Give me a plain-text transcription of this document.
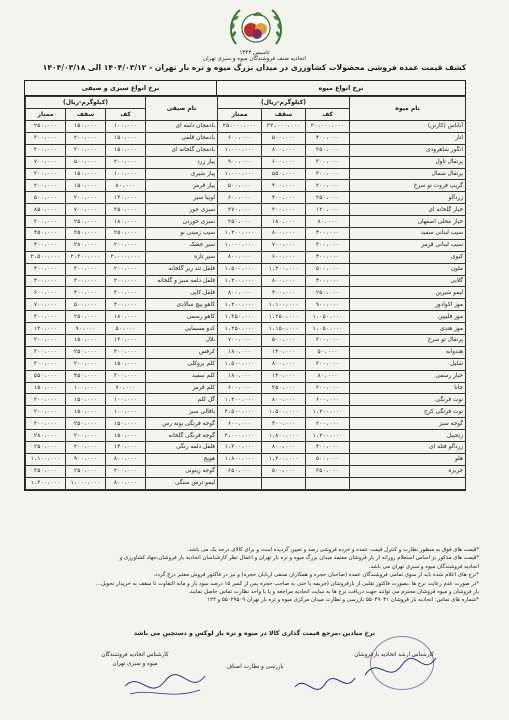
تاسیس ۱۳۴۳
اتحادیه صنف فروشندگان میوه و سبزی تهران
کشف قیمت عمده فروشی محصولات کشاورزی در میدان بزرگ میوه و تره بار تهران - ۱۴۰۴/۰۳/۱۲ الی ۱۴۰۴/۰۳/۱۸
نرخ انواع میوه
نرخ انواع سبزی و صیفی
(کیلوگرم-ریال)			نام صیفی	(کیلوگرم-ریال)			نام میوه
ممتاز	سقف	کف		ممتاز	سقف	کف	
۲۵۰،۰۰۰	۱۵۰،۰۰۰	۱۰۰،۰۰۰	بادمجان دلمه ای	۲۵،۰۰۰،۰۰۰	۲۲،۰۰۰،۰۰۰	۲۰،۰۰۰،۰۰۰	آناناس (کارتن)
۳۰۰،۰۰۰	۲۰۰،۰۰۰	۱۵۰،۰۰۰	بادمجان قلمی	۶۰۰،۰۰۰	۵۰۰،۰۰۰	۴۰۰،۰۰۰	انار
۳۰۰،۰۰۰	۲۰۰،۰۰۰	۱۵۰،۰۰۰	بادمجان گلخانه ای	۱،۰۰۰،۰۰۰	۸۰۰،۰۰۰	۳۵۰،۰۰۰	انگور شاهرودی
۷۰۰،۰۰۰	۵۰۰،۰۰۰	۲۰۰،۰۰۰	پیاز زرد	۹۰۰،۰۰۰	۶۰۰،۰۰۰	۳۰۰،۰۰۰	پرتقال تاول
۲۰۰،۰۰۰	۱۵۰،۰۰۰	۱۰۰،۰۰۰	پیاز شیری	۱،۰۰۰،۰۰۰	۵۵۰،۰۰۰	۳۰۰،۰۰۰	پرتقال شمال
۲۰۰،۰۰۰	۱۵۰،۰۰۰	۸۰،۰۰۰	پیاز قرمز	۵۰۰،۰۰۰	۴۰۰،۰۰۰	۲۰۰،۰۰۰	گریپ فروت تو سرخ
۵۰۰،۰۰۰	۲۰۰،۰۰۰	۱۲۰،۰۰۰	لوبیا سبز	۶۰۰،۰۰۰	۴۰۰،۰۰۰	۲۵۰،۰۰۰	زردآلو
۸۵۰،۰۰۰	۷۰۰،۰۰۰	۳۵۰،۰۰۰	سبزی جور	۲۷۰،۰۰۰	۲۰۰،۰۰۰	۱۲۰،۰۰۰	خیار گلخانه ای
۳۰۰،۰۰۰	۲۵۰،۰۰۰	۱۸۰،۰۰۰	سبزی خوردن	۲۵۰،۰۰۰	۱۸۰،۰۰۰	۸۰،۰۰۰	خیار محلی اصفهان
۴۵۰،۰۰۰	۳۵۰،۰۰۰	۲۵۰،۰۰۰	سیب زمینی نو	۱،۲۰۰،۰۰۰	۸۰۰،۰۰۰	۴۰۰،۰۰۰	سیب لبنانی سفید
۴۰۰،۰۰۰	۲۸۰،۰۰۰	۲۰۰،۰۰۰	سیر خشک	۱،۰۰۰،۰۰۰	۷۰۰،۰۰۰	۳۰۰،۰۰۰	سیب لبنانی قرمز
۲،۵۰۰،۰۰۰	۲،۳۰۰،۰۰۰	۲،۰۰۰،۰۰۰	سیر تازه	۸۰۰،۰۰۰	۶۰۰،۰۰۰	۴۰۰،۰۰۰	کیوی
۴۰۰،۰۰۰	۳۰۰،۰۰۰	۲۰۰،۰۰۰	فلفل تند ریز گلخانه	۱،۵۰۰،۰۰۰	۱،۲۰۰،۰۰۰	۵۰۰،۰۰۰	ملون
۴۰۰،۰۰۰	۳۰۰،۰۰۰	۲۰۰،۰۰۰	فلفل دلمه سبز و گلخانه	۱،۲۰۰،۰۰۰	۸۰۰،۰۰۰	۴۰۰،۰۰۰	گلابی
۶۰۰،۰۰۰	۴۰۰،۰۰۰	۳۰۰،۰۰۰	فلفل کاپی	۸۰۰،۰۰۰	۴۰۰،۰۰۰	۲۵۰،۰۰۰	لیمو شیرین
۷۰۰،۰۰۰	۵۰۰،۰۰۰	۴۰۰،۰۰۰	کاهو پیچ سالادی	۱،۲۰۰،۰۰۰	۱،۱۰۰،۰۰۰	۹۰۰،۰۰۰	موز اکوادور
۳۰۰،۰۰۰	۲۵۰،۰۰۰	۱۸۰،۰۰۰	کاهو رسمی	۱،۳۵۰،۰۰۰	۱،۲۵۰،۰۰۰	۱،۰۵۰،۰۰۰	موز فلیپین
۱۳۰،۰۰۰	۹۰،۰۰۰	۵۰،۰۰۰	کدو مسمایی	۱،۲۵۰،۰۰۰	۱،۱۵۰،۰۰۰	۱،۰۵۰،۰۰۰	موز هندی
۲۰۰،۰۰۰	۱۵۰،۰۰۰	۱۲۰،۰۰۰	بلال	۷۰۰،۰۰۰	۵۰۰،۰۰۰	۳۰۰،۰۰۰	پرتقال تو سرخ
۳۰۰،۰۰۰	۲۵۰،۰۰۰	۲۰۰،۰۰۰	کرفس	۱۸۰،۰۰۰	۱۲۰،۰۰۰	۵۰،۰۰۰	هندوانه
۳۰۰،۰۰۰	۲۰۰،۰۰۰	۱۵۰،۰۰۰	کلم بروکلی	۱،۵۰۰،۰۰۰	۸۰۰،۰۰۰	۳۰۰،۰۰۰	شلیل
۵۵۰،۰۰۰	۴۵۰،۰۰۰	۳۰۰،۰۰۰	کلم سفید	۱۸۰،۰۰۰	۱۲۰،۰۰۰	۸۰،۰۰۰	خیار رسمی
۱۵۰،۰۰۰	۱۰۰،۰۰۰	۷۰،۰۰۰	کلم قرمز	۶۰۰،۰۰۰	۳۵۰،۰۰۰	۲۰۰،۰۰۰	جانا
۲۰۰،۰۰۰	۱۵۰،۰۰۰	۱۰۰،۰۰۰	گل کلم	۱،۲۰۰،۰۰۰	۸۰۰،۰۰۰	۶۰۰،۰۰۰	توت فرنگی
۲۰۰،۰۰۰	۱۵۰،۰۰۰	۱۰۰،۰۰۰	باقالی سبز	۲،۵۰۰،۰۰۰	۱،۵۰۰،۰۰۰	۱،۲۰۰،۰۰۰	توت فرنگی کرج
۳۰۰،۰۰۰	۲۵۰،۰۰۰	۱۵۰،۰۰۰	گوجه فرنگی بوته رس	۶۰۰،۰۰۰	۴۰۰،۰۰۰	۲۰۰،۰۰۰	گوجه سبز
۲۸۰،۰۰۰	۲۰۰،۰۰۰	۱۵۰،۰۰۰	گوجه فرنگی گلخانه	۲،۰۰۰،۰۰۰	۱،۸۰۰،۰۰۰	۱،۲۰۰،۰۰۰	زنجبیل
۲۵۰،۰۰۰	۲۰۰،۰۰۰	۱۴۰،۰۰۰	فلفل دلمه رنگی	۱،۳۰۰،۰۰۰	۸۰۰،۰۰۰	۴۰۰،۰۰۰	زردآلو فتله ای
۱،۱۰۰،۰۰۰	۹۰۰،۰۰۰	۸۰۰،۰۰۰	هویج	۱،۸۰۰،۰۰۰	۱،۲۰۰،۰۰۰	۵۰۰،۰۰۰	هلو
۳۵۰،۰۰۰	۲۵۰،۰۰۰	۲۰۰،۰۰۰	گوجه زیتونی	۶۵۰،۰۰۰	۵۰۰،۰۰۰	۳۵۰،۰۰۰	خربزه
۱،۲۰۰،۰۰۰	۱،۰۰۰،۰۰۰	۸۰۰،۰۰۰	لیمو ترش سنگی				

*قیمت های فوق به منظور نظارت و کنترل قیمت عمده و خرده فروشی رصد و تعیین گردیده است و برای کالای درجه یک می باشد.

*قیمت های مذکور بر اساس استعلام روزانه از بار فروشان معتمد میدان بزرگ میوه و تره بار تهران و اعمال نظر کارشناسان اتحادیه بار فروشان،جهاد کشاورزی و

اتحادیه فروشندگان میوه و سبزی تهران می باشد.

*نرخ های اعلام شده باید از سوی تمامی فروشندگان عمده (صاحبان حجره و همکاران صنفی اربابان حجره) و نیز در فاکتور فروش معتبر درج گردد.

*در صورت عدم رعایت نرخ ها ،بصورت فاکتور تقلبی از بارفروشان (جریمه یا حتی به صاحب حجره پس از کسر ۱۵ درصد سود بار و مابه التفاوت تا سقف به خریدار تحویل...

بار فروشان و میوه فروشان محترم می توانند جهت دریافت نرخ ها به سایت اتحادیه مراجعه و یا با واحد نظارت تماس حاصل نمایند.

*شماره های تماس: اتحادیه بار فروشان ۵۵۰۴۹۰۳۱ بازرسی و نظارت میدان مرکزی میوه و تره بار تهران ۵۵۰۲۹۵۰۹ و ۱۲۴

نرخ میادین ،مرجع قیمت گذاری کالا در میوه و تره بار لوکس و دستچین می باشد
کارشناس ارشد اتحادیه بارفروشان
بازرسی و نظارت اصناف
کارشناس اتحادیه فروشندگان
میوه و سبزی تهران
